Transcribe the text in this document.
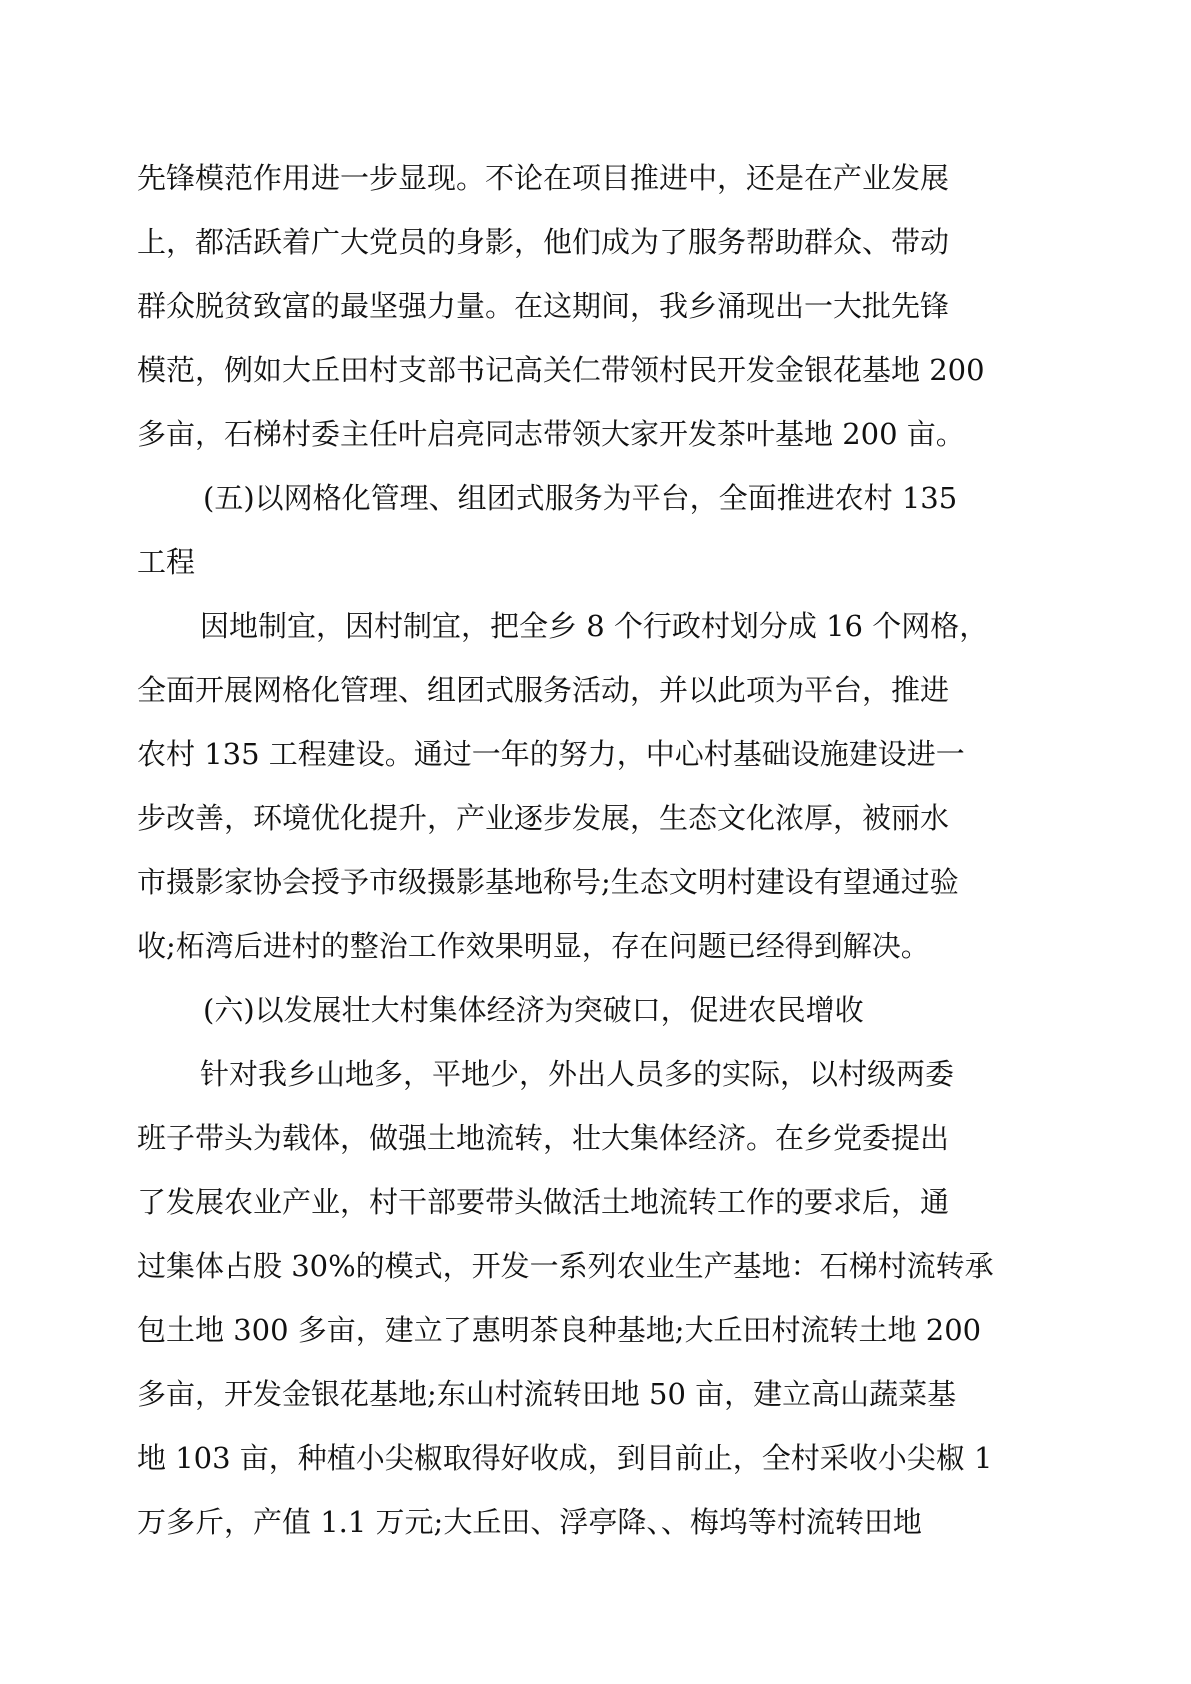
先锋模范作用进一步显现。不论在项目推进中，还是在产业发展
上，都活跃着广大党员的身影，他们成为了服务帮助群众、带动
群众脱贫致富的最坚强力量。在这期间，我乡涌现出一大批先锋
模范，例如大丘田村支部书记高关仁带领村民开发金银花基地 200
多亩，石梯村委主任叶启亮同志带领大家开发茶叶基地 200 亩。
(五)以网格化管理、组团式服务为平台，全面推进农村 135
工程
因地制宜，因村制宜，把全乡 8 个行政村划分成 16 个网格，
全面开展网格化管理、组团式服务活动，并以此项为平台，推进
农村 135 工程建设。通过一年的努力，中心村基础设施建设进一
步改善，环境优化提升，产业逐步发展，生态文化浓厚，被丽水
市摄影家协会授予市级摄影基地称号;生态文明村建设有望通过验
收;柘湾后进村的整治工作效果明显，存在问题已经得到解决。
(六)以发展壮大村集体经济为突破口，促进农民增收
针对我乡山地多，平地少，外出人员多的实际，以村级两委
班子带头为载体，做强土地流转，壮大集体经济。在乡党委提出
了发展农业产业，村干部要带头做活土地流转工作的要求后，通
过集体占股 30%的模式，开发一系列农业生产基地：石梯村流转承
包土地 300 多亩，建立了惠明茶良种基地;大丘田村流转土地 200
多亩，开发金银花基地;东山村流转田地 50 亩，建立高山蔬菜基
地 103 亩，种植小尖椒取得好收成，到目前止，全村采收小尖椒 1
万多斤，产值 1.1 万元;大丘田、浮亭降、、梅坞等村流转田地
